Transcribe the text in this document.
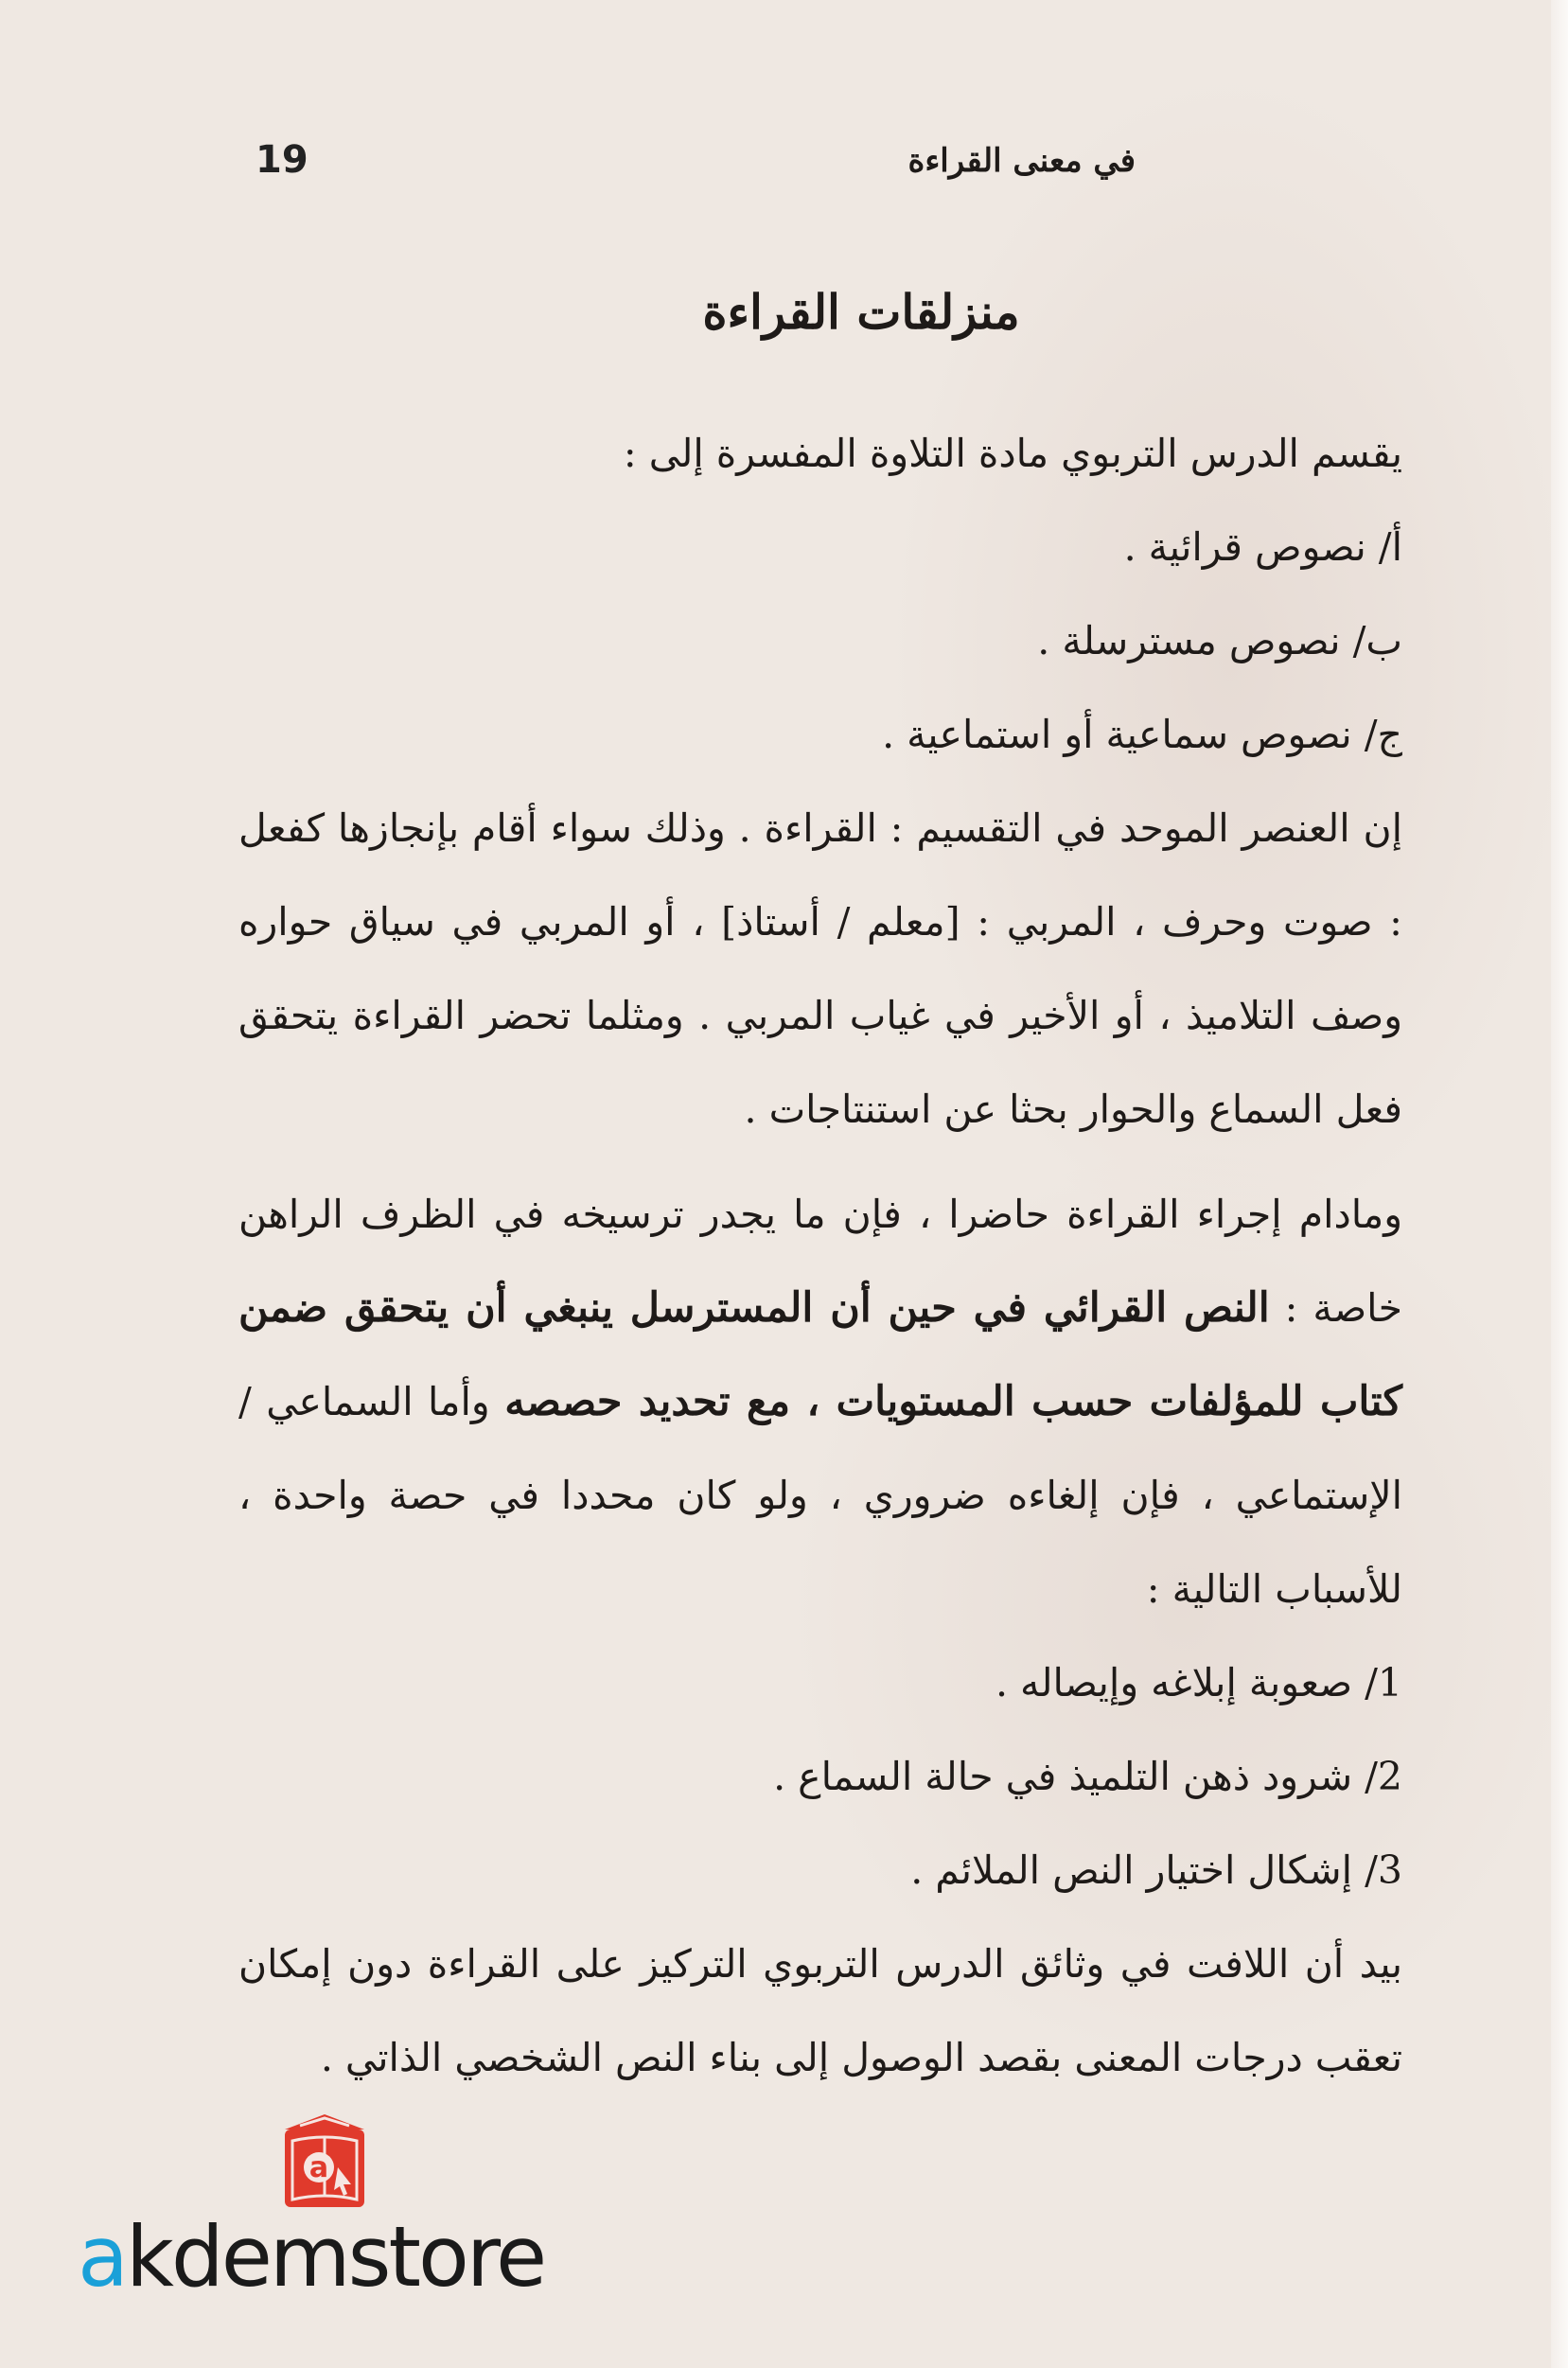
19	في معنى القراءة
منزلقات القراءة

يقسم الدرس التربوي مادة التلاوة المفسرة إلى :

أ/ نصوص قرائية .

ب/ نصوص مسترسلة .

ج/ نصوص سماعية أو استماعية .

إن العنصر الموحد في التقسيم : القراءة . وذلك سواء أقام بإنجازها كفعل : صوت وحرف ، المربي : [معلم / أستاذ] ، أو المربي في سياق حواره وصف التلاميذ ، أو الأخير في غياب المربي . ومثلما تحضر القراءة يتحقق فعل السماع والحوار بحثا عن استنتاجات .

ومادام إجراء القراءة حاضرا ، فإن ما يجدر ترسيخه في الظرف الراهن خاصة : النص القرائي في حين أن المسترسل ينبغي أن يتحقق ضمن كتاب للمؤلفات حسب المستويات ، مع تحديد حصصه وأما السماعي / الإستماعي ، فإن إلغاءه ضروري ، ولو كان محددا في حصة واحدة ، للأسباب التالية :

1/ صعوبة إبلاغه وإيصاله .

2/ شرود ذهن التلميذ في حالة السماع .

3/ إشكال اختيار النص الملائم .

بيد أن اللافت في وثائق الدرس التربوي التركيز على القراءة دون إمكان تعقب درجات المعنى بقصد الوصول إلى بناء النص الشخصي الذاتي .

a
akdemstore
